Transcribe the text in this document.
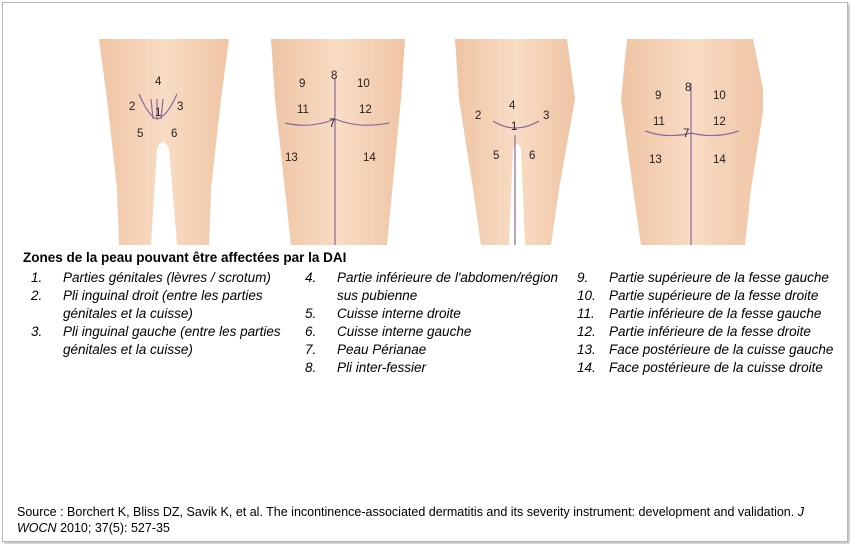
4
2 1 3
5 6
9
8
10
11	12
7
13	14
4
2	3
1
5	6
9
8
10
11	12
7
13	14
Zones de la peau pouvant être affectées par la DAI
1.	Parties génitales (lèvres / scrotum)
2.	Pli inguinal droit (entre les parties génitales et la cuisse)
3.	Pli inguinal gauche (entre les parties génitales et la cuisse)
4.	Partie inférieure de l'abdomen/région sus pubienne
5.	Cuisse interne droite
6.	Cuisse interne gauche
7.	Peau Périanae
8.	Pli inter-fessier
9.	Partie supérieure de la fesse gauche
10. Partie supérieure de la fesse droite
11.	Partie inférieure de la fesse gauche
12. Partie inférieure de la fesse droite
13. Face postérieure de la cuisse gauche
14. Face postérieure de la cuisse droite
Source : Borchert K, Bliss DZ, Savik K, et al. The incontinence-associated dermatitis and its severity instrument: development and validation. J WOCN 2010; 37(5): 527-35
